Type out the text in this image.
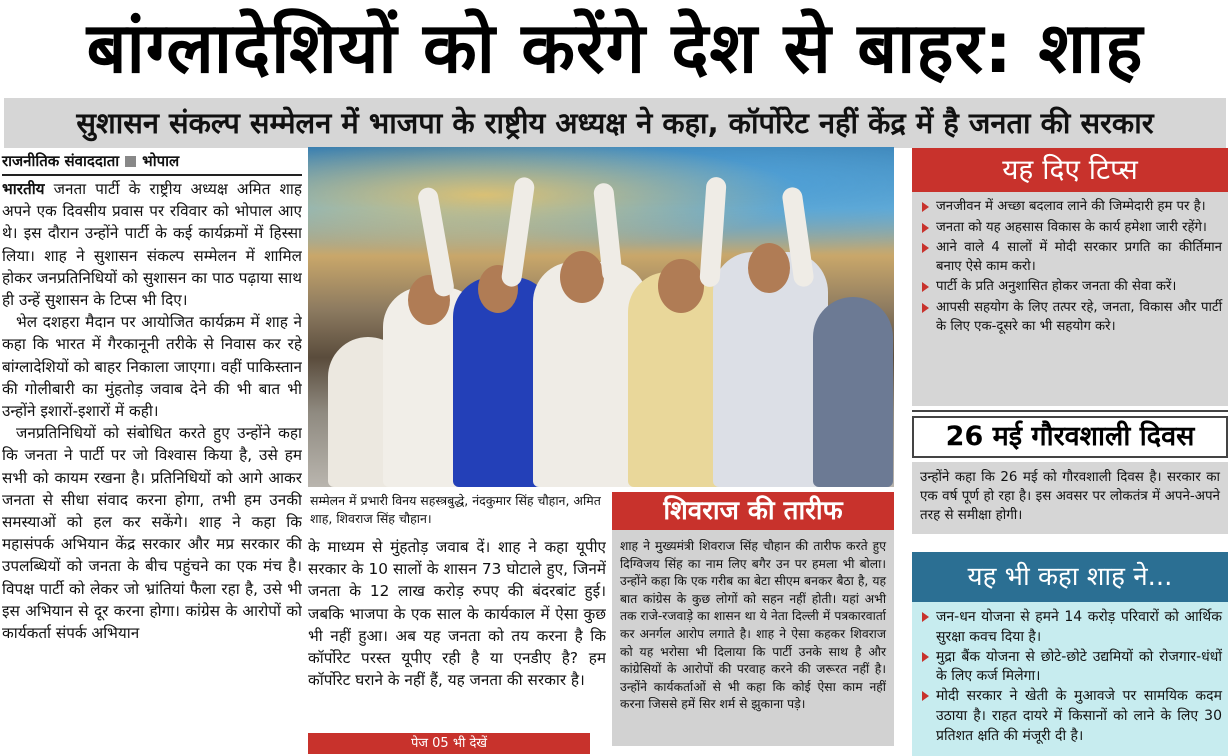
बांग्लादेशियों को करेंगे देश से बाहर: शाह
सुशासन संकल्प सम्मेलन में भाजपा के राष्ट्रीय अध्यक्ष ने कहा, कॉर्पोरेट नहीं केंद्र में है जनता की सरकार
राजनीतिक संवाददाता भोपाल

भारतीय जनता पार्टी के राष्ट्रीय अध्यक्ष अमित शाह अपने एक दिवसीय प्रवास पर रविवार को भोपाल आए थे। इस दौरान उन्होंने पार्टी के कई कार्यक्रमों में हिस्सा लिया। शाह ने सुशासन संकल्प सम्मेलन में शामिल होकर जनप्रतिनिधियों को सुशासन का पाठ पढ़ाया साथ ही उन्हें सुशासन के टिप्स भी दिए।

भेल दशहरा मैदान पर आयोजित कार्यक्रम में शाह ने कहा कि भारत में गैरकानूनी तरीके से निवास कर रहे बांग्लादेशियों को बाहर निकाला जाएगा। वहीं पाकिस्तान की गोलीबारी का मुंहतोड़ जवाब देने की भी बात भी उन्होंने इशारों-इशारों में कही।

जनप्रतिनिधियों को संबोधित करते हुए उन्होंने कहा कि जनता ने पार्टी पर जो विश्वास किया है, उसे हम सभी को कायम रखना है। प्रतिनिधियों को आगे आकर जनता से सीधा संवाद करना होगा, तभी हम उनकी समस्याओं को हल कर सकेंगे। शाह ने कहा कि महासंपर्क अभियान केंद्र सरकार और मप्र सरकार की उपलब्धियों को जनता के बीच पहुंचने का एक मंच है। विपक्ष पार्टी को लेकर जो भ्रांतियां फैला रहा है, उसे भी इस अभियान से दूर करना होगा। कांग्रेस के आरोपों को कार्यकर्ता संपर्क अभियान

सम्मेलन में प्रभारी विनय सहस्त्रबुद्धे, नंदकुमार सिंह चौहान, अमित शाह, शिवराज सिंह चौहान।
के माध्यम से मुंहतोड़ जवाब दें। शाह ने कहा यूपीए सरकार के 10 सालों के शासन 73 घोटाले हुए, जिनमें जनता के 12 लाख करोड़ रुपए की बंदरबांट हुई। जबकि भाजपा के एक साल के कार्यकाल में ऐसा कुछ भी नहीं हुआ। अब यह जनता को तय करना है कि कॉर्पोरेट परस्त यूपीए रही है या एनडीए है? हम कॉर्पोरेट घराने के नहीं हैं, यह जनता की सरकार है।
पेज 05 भी देखें
शिवराज की तारीफ
शाह ने मुख्यमंत्री शिवराज सिंह चौहान की तारीफ करते हुए दिग्विजय सिंह का नाम लिए बगैर उन पर हमला भी बोला। उन्होंने कहा कि एक गरीब का बेटा सीएम बनकर बैठा है, यह बात कांग्रेस के कुछ लोगों को सहन नहीं होती। यहां अभी तक राजे-रजवाड़े का शासन था ये नेता दिल्ली में पत्रकारवार्ता कर अनर्गल आरोप लगाते है। शाह ने ऐसा कहकर शिवराज को यह भरोसा भी दिलाया कि पार्टी उनके साथ है और कांग्रेसियों के आरोपों की परवाह करने की जरूरत नहीं है। उन्होंने कार्यकर्ताओं से भी कहा कि कोई ऐसा काम नहीं करना जिससे हमें सिर शर्म से झुकाना पड़े।
यह दिए टिप्स
जनजीवन में अच्छा बदलाव लाने की जिम्मेदारी हम पर है।
जनता को यह अहसास विकास के कार्य हमेशा जारी रहेंगे।
आने वाले 4 सालों में मोदी सरकार प्रगति का कीर्तिमान बनाए ऐसे काम करो।
पार्टी के प्रति अनुशासित होकर जनता की सेवा करें।
आपसी सहयोग के लिए तत्पर रहे, जनता, विकास और पार्टी के लिए एक-दूसरे का भी सहयोग करे।
26 मई गौरवशाली दिवस
उन्होंने कहा कि 26 मई को गौरवशाली दिवस है। सरकार का एक वर्ष पूर्ण हो रहा है। इस अवसर पर लोकतंत्र में अपने-अपने तरह से समीक्षा होगी।
यह भी कहा शाह ने...
जन-धन योजना से हमने 14 करोड़ परिवारों को आर्थिक सुरक्षा कवच दिया है।
मुद्रा बैंक योजना से छोटे-छोटे उद्यमियों को रोजगार-धंधों के लिए कर्ज मिलेगा।
मोदी सरकार ने खेती के मुआवजे पर सामयिक कदम उठाया है। राहत दायरे में किसानों को लाने के लिए 30 प्रतिशत क्षति की मंजूरी दी है।
